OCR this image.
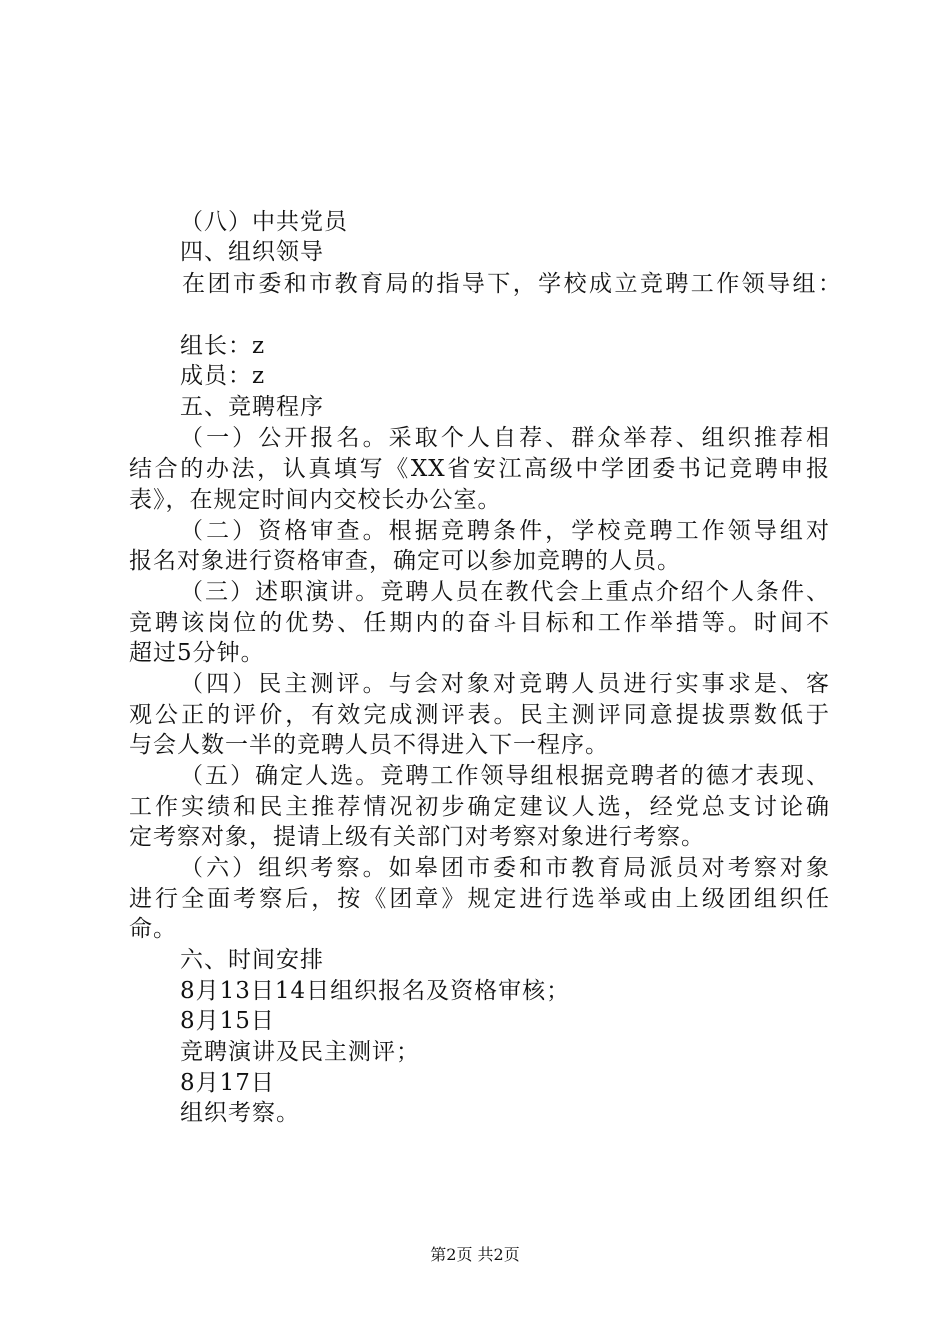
（八）中共党员
四、组织领导
在团市委和市教育局的指导下，学校成立竞聘工作领导组：
组长：z
成员：z
五、竞聘程序
（一）公开报名。采取个人自荐、群众举荐、组织推荐相
结合的办法，认真填写《XX省安江高级中学团委书记竞聘申报
表》，在规定时间内交校长办公室。
（二）资格审查。根据竞聘条件，学校竞聘工作领导组对
报名对象进行资格审查，确定可以参加竞聘的人员。
（三）述职演讲。竞聘人员在教代会上重点介绍个人条件、
竞聘该岗位的优势、任期内的奋斗目标和工作举措等。时间不
超过5分钟。
（四）民主测评。与会对象对竞聘人员进行实事求是、客
观公正的评价，有效完成测评表。民主测评同意提拔票数低于
与会人数一半的竞聘人员不得进入下一程序。
（五）确定人选。竞聘工作领导组根据竞聘者的德才表现、
工作实绩和民主推荐情况初步确定建议人选，经党总支讨论确
定考察对象，提请上级有关部门对考察对象进行考察。
（六）组织考察。如皋团市委和市教育局派员对考察对象
进行全面考察后，按《团章》规定进行选举或由上级团组织任
命。
六、时间安排
8月13日14日组织报名及资格审核；
8月15日
竞聘演讲及民主测评；
8月17日
组织考察。
第2页 共2页
